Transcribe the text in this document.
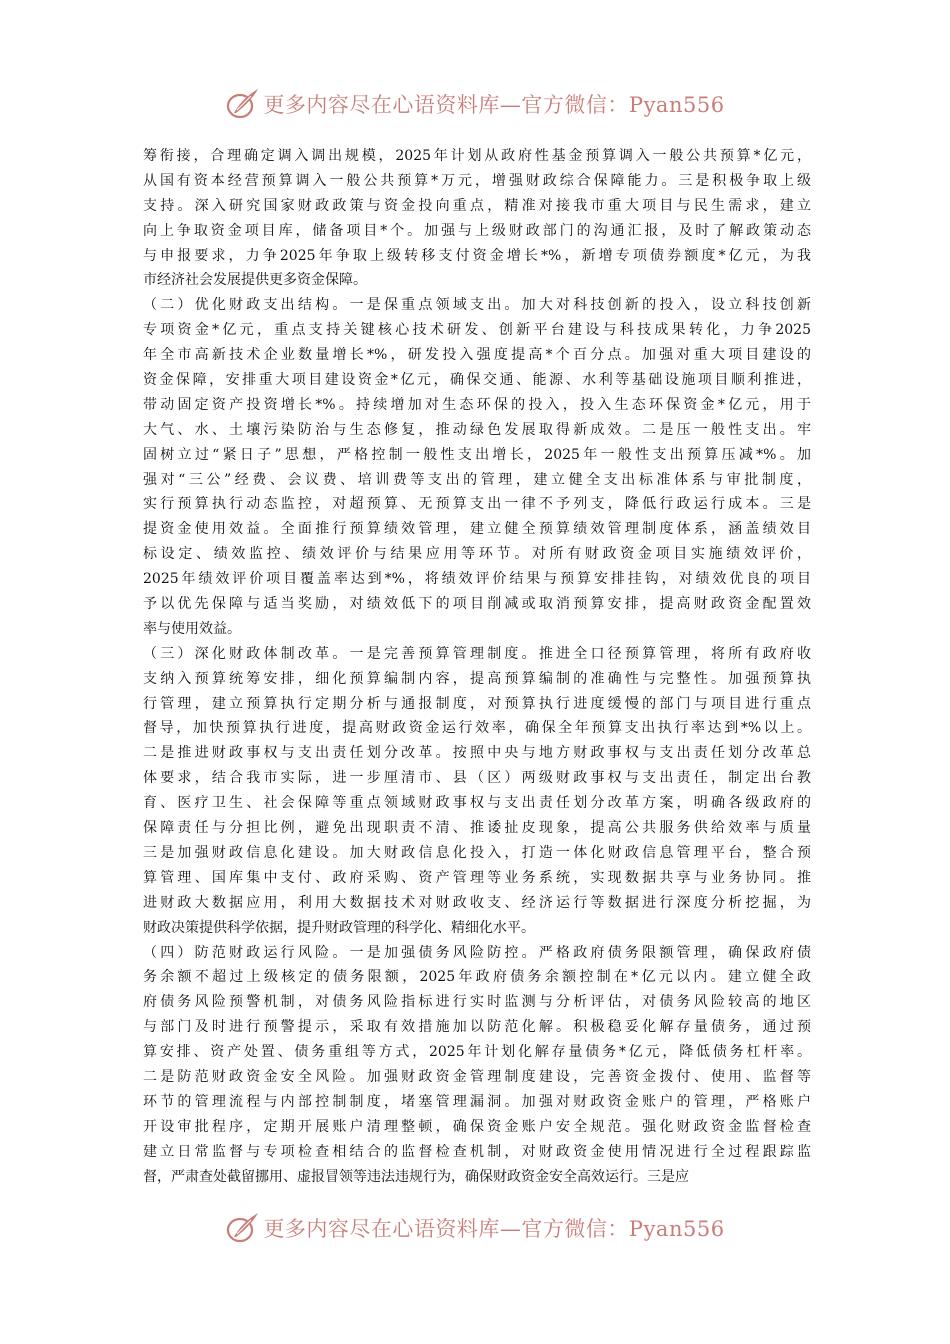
更多内容尽在心语资料库—官方微信：Pyan556
筹衔接，合理确定调入调出规模，2025年计划从政府性基金预算调入一般公共预算*亿元，
从国有资本经营预算调入一般公共预算*万元，增强财政综合保障能力。三是积极争取上级
支持。深入研究国家财政政策与资金投向重点，精准对接我市重大项目与民生需求，建立
向上争取资金项目库，储备项目*个。加强与上级财政部门的沟通汇报，及时了解政策动态
与申报要求，力争2025年争取上级转移支付资金增长*%，新增专项债券额度*亿元，为我
市经济社会发展提供更多资金保障。
（二）优化财政支出结构。一是保重点领域支出。加大对科技创新的投入，设立科技创新
专项资金*亿元，重点支持关键核心技术研发、创新平台建设与科技成果转化，力争2025
年全市高新技术企业数量增长*%，研发投入强度提高*个百分点。加强对重大项目建设的
资金保障，安排重大项目建设资金*亿元，确保交通、能源、水利等基础设施项目顺利推进，
带动固定资产投资增长*%。持续增加对生态环保的投入，投入生态环保资金*亿元，用于
大气、水、土壤污染防治与生态修复，推动绿色发展取得新成效。二是压一般性支出。牢
固树立过“紧日子”思想，严格控制一般性支出增长，2025年一般性支出预算压减*%。加
强对“三公”经费、会议费、培训费等支出的管理，建立健全支出标准体系与审批制度，
实行预算执行动态监控，对超预算、无预算支出一律不予列支，降低行政运行成本。三是
提资金使用效益。全面推行预算绩效管理，建立健全预算绩效管理制度体系，涵盖绩效目
标设定、绩效监控、绩效评价与结果应用等环节。对所有财政资金项目实施绩效评价，
2025年绩效评价项目覆盖率达到*%，将绩效评价结果与预算安排挂钩，对绩效优良的项目
予以优先保障与适当奖励，对绩效低下的项目削减或取消预算安排，提高财政资金配置效
率与使用效益。
（三）深化财政体制改革。一是完善预算管理制度。推进全口径预算管理，将所有政府收
支纳入预算统筹安排，细化预算编制内容，提高预算编制的准确性与完整性。加强预算执
行管理，建立预算执行定期分析与通报制度，对预算执行进度缓慢的部门与项目进行重点
督导，加快预算执行进度，提高财政资金运行效率，确保全年预算支出执行率达到*%以上。
二是推进财政事权与支出责任划分改革。按照中央与地方财政事权与支出责任划分改革总
体要求，结合我市实际，进一步厘清市、县（区）两级财政事权与支出责任，制定出台教
育、医疗卫生、社会保障等重点领域财政事权与支出责任划分改革方案，明确各级政府的
保障责任与分担比例，避免出现职责不清、推诿扯皮现象，提高公共服务供给效率与质量
三是加强财政信息化建设。加大财政信息化投入，打造一体化财政信息管理平台，整合预
算管理、国库集中支付、政府采购、资产管理等业务系统，实现数据共享与业务协同。推
进财政大数据应用，利用大数据技术对财政收支、经济运行等数据进行深度分析挖掘，为
财政决策提供科学依据，提升财政管理的科学化、精细化水平。
（四）防范财政运行风险。一是加强债务风险防控。严格政府债务限额管理，确保政府债
务余额不超过上级核定的债务限额，2025年政府债务余额控制在*亿元以内。建立健全政
府债务风险预警机制，对债务风险指标进行实时监测与分析评估，对债务风险较高的地区
与部门及时进行预警提示，采取有效措施加以防范化解。积极稳妥化解存量债务，通过预
算安排、资产处置、债务重组等方式，2025年计划化解存量债务*亿元，降低债务杠杆率。
二是防范财政资金安全风险。加强财政资金管理制度建设，完善资金拨付、使用、监督等
环节的管理流程与内部控制制度，堵塞管理漏洞。加强对财政资金账户的管理，严格账户
开设审批程序，定期开展账户清理整顿，确保资金账户安全规范。强化财政资金监督检查
建立日常监督与专项检查相结合的监督检查机制，对财政资金使用情况进行全过程跟踪监
督，严肃查处截留挪用、虚报冒领等违法违规行为，确保财政资金安全高效运行。三是应
更多内容尽在心语资料库—官方微信：Pyan556
